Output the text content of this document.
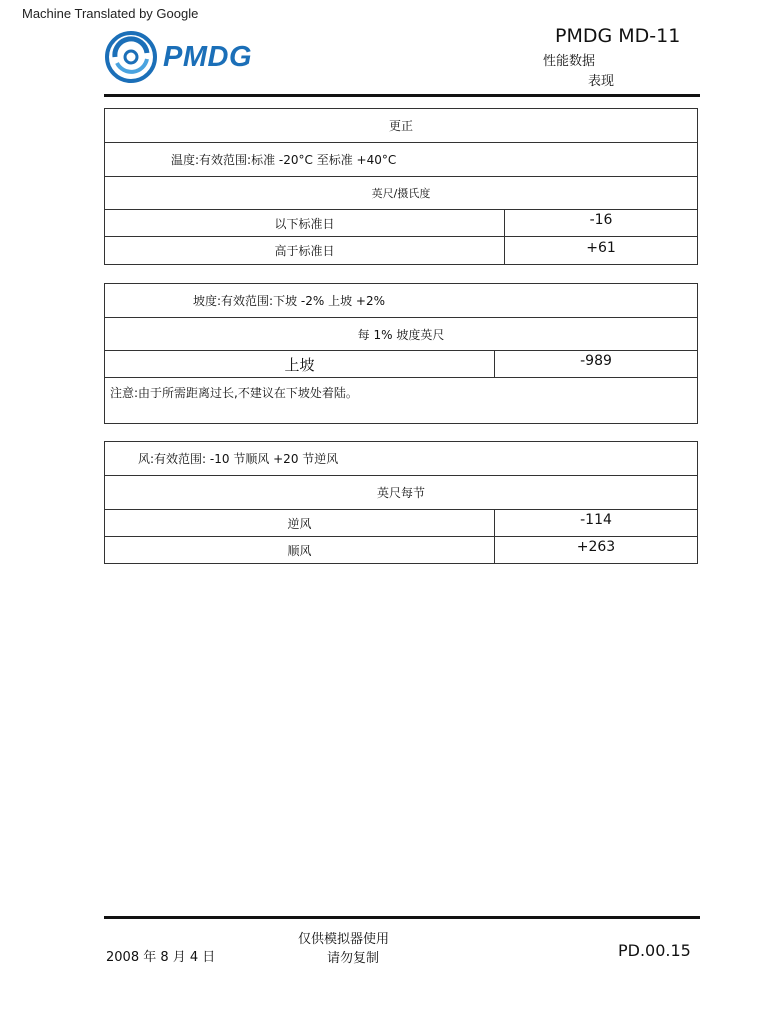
Machine Translated by Google
PMDG
PMDG MD-11
性能数据
表现
更正
温度:有效范围:标准 -20°C 至标准 +40°C
英尺/摄氏度
以下标准日	-16
高于标准日	+61
坡度:有效范围:下坡 -2% 上坡 +2%
每 1% 坡度英尺
上坡	-989
注意:由于所需距离过长,不建议在下坡处着陆。
风:有效范围: -10 节顺风 +20 节逆风
英尺每节
逆风	-114
顺风	+263
仅供模拟器使用
请勿复制
2008 年 8 月 4 日	PD.00.15
